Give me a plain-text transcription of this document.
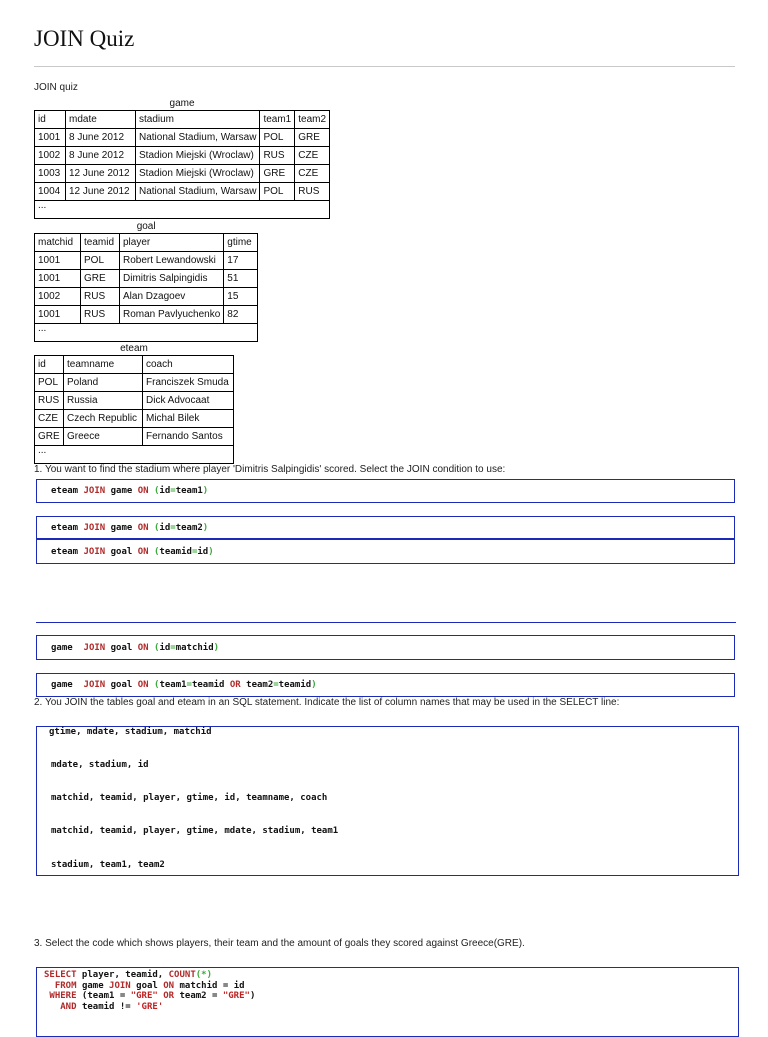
JOIN Quiz
JOIN quiz
game
id	mdate	stadium	team1	team2
1001	8 June 2012	National Stadium, Warsaw	POL	GRE
1002	8 June 2012	Stadion Miejski (Wroclaw)	RUS	CZE
1003	12 June 2012	Stadion Miejski (Wroclaw)	GRE	CZE
1004	12 June 2012	National Stadium, Warsaw	POL	RUS
...				
goal
matchid	teamid	player	gtime
1001	POL	Robert Lewandowski	17
1001	GRE	Dimitris Salpingidis	51
1002	RUS	Alan Dzagoev	15
1001	RUS	Roman Pavlyuchenko	82
...			
eteam
id	teamname	coach
POL	Poland	Franciszek Smuda
RUS	Russia	Dick Advocaat
CZE	Czech Republic	Michal Bilek
GRE	Greece	Fernando Santos
...		
1. You want to find the stadium where player 'Dimitris Salpingidis' scored. Select the JOIN condition to use:
eteam
JOIN
game
ON
( id = team1 )
eteam
JOIN
game
ON
( id = team2 )
eteam
JOIN
goal
ON
( teamid = id )
game
JOIN
goal
ON
( id = matchid )
game
JOIN
goal
ON
( team1 = teamid
OR
team2 = teamid )
2. You JOIN the tables goal and eteam in an SQL statement. Indicate the list of column names that may be used in the SELECT line:
gtime, mdate, stadium, matchid
mdate, stadium, id
matchid, teamid, player, gtime, id, teamname, coach
matchid, teamid, player, gtime, mdate, stadium, team1
stadium, team1, team2
3. Select the code which shows players, their team and the amount of goals they scored against Greece(GRE).
SELECT player, teamid, COUNT(*)
FROM game JOIN goal ON matchid = id
WHERE (team1 = "GRE" OR team2 = "GRE")
AND teamid != 'GRE'
